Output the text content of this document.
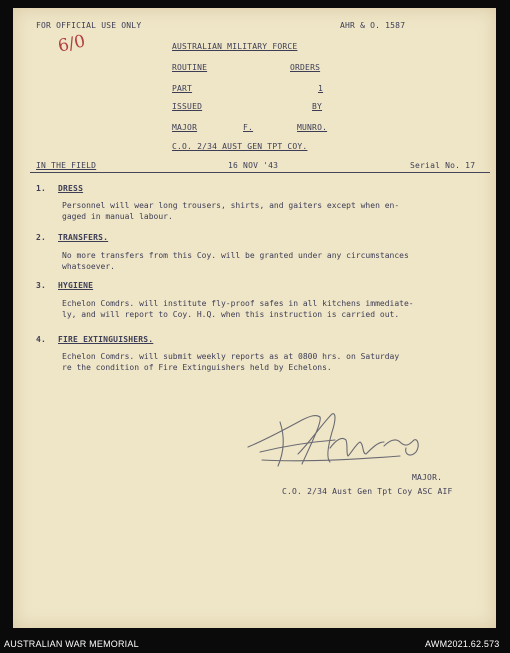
FOR OFFICIAL USE ONLY	AHR & O. 1587
6/0	AUSTRALIAN MILITARY FORCE
ROUTINE	ORDERS
PART	1
ISSUED	BY
MAJOR	F.	MUNRO.
C.O. 2/34 AUST GEN TPT COY.
IN THE FIELD	16 NOV '43	Serial No. 17
1. DRESS
Personnel will wear long trousers, shirts, and gaiters except when en-
gaged in manual labour.
2. TRANSFERS.
No more transfers from this Coy. will be granted under any circumstances
whatsoever.
3. HYGIENE
Echelon Comdrs. will institute fly-proof safes in all kitchens immediate-
ly, and will report to Coy. H.Q. when this instruction is carried out.
4. FIRE EXTINGUISHERS.
Echelon Comdrs. will submit weekly reports as at 0800 hrs. on Saturday
re the condition of Fire Extinguishers held by Echelons.
MAJOR.
C.O. 2/34 Aust Gen Tpt Coy ASC AIF
AUSTRALIAN WAR MEMORIAL	AWM2021.62.573
